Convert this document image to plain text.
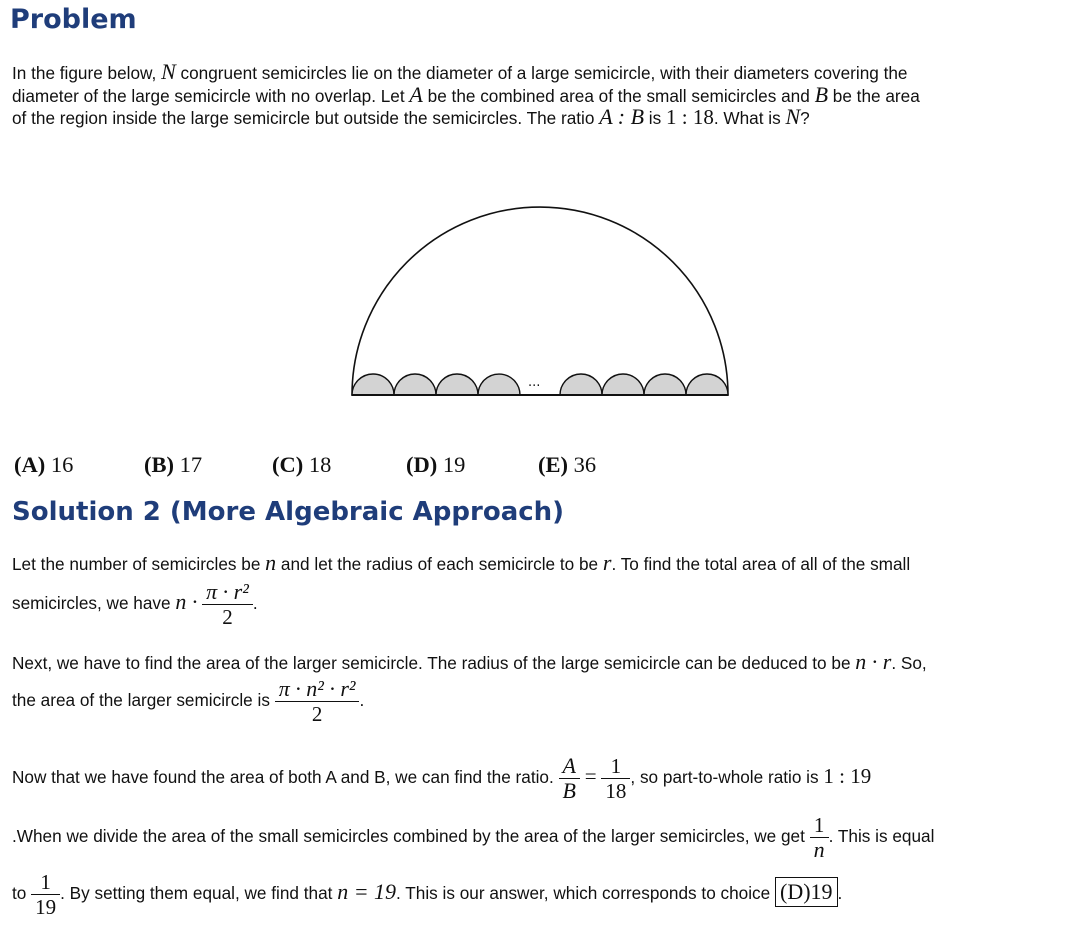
Problem
In the figure below, N congruent semicircles lie on the diameter of a large semicircle, with their diameters covering the
diameter of the large semicircle with no overlap. Let A be the combined area of the small semicircles and B be the area
of the region inside the large semicircle but outside the semicircles. The ratio A : B is 1 : 18. What is N?
...
(A) 16	(B) 17	(C) 18	(D) 19	(E) 36
Solution 2 (More Algebraic Approach)
Let the number of semicircles be n and let the radius of each semicircle to be r. To find the total area of all of the small
semicircles, we have $n \cdot \frac{\text{π · r²}}{2}$ .
Next, we have to find the area of the larger semicircle. The radius of the large semicircle can be deduced to be n · r. So,
the area of the larger semicircle is $\frac{\text{π · n² · r²}}{2}$ .
Now that we have found the area of both A and B, we can find the ratio. $\frac{A}{B} = \frac{1}{18}$ , so part-to-whole ratio is 1 : 19
.When we divide the area of the small semicircles combined by the area of the larger semicircles, we get $\frac{1}{n}$ . This is equal
to $\frac{1}{19}$ . By setting them equal, we find that n = 19. This is our answer, which corresponds to choice (D)19 .
